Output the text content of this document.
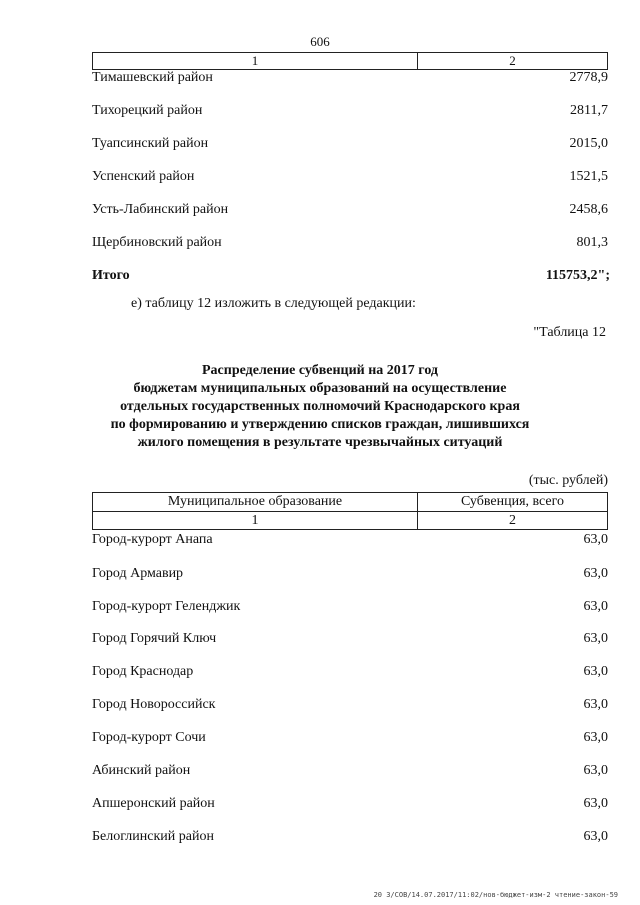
606
1	2
Тимашевский район	2778,9
Тихорецкий район	2811,7
Туапсинский район	2015,0
Успенский район	1521,5
Усть-Лабинский район	2458,6
Щербиновский район	801,3
Итого	115753,2";
е) таблицу 12 изложить в следующей редакции:
"Таблица 12
Распределение субвенций на 2017 год
бюджетам муниципальных образований на осуществление
отдельных государственных полномочий Краснодарского края
по формированию и утверждению списков граждан, лишившихся
жилого помещения в результате чрезвычайных ситуаций
(тыс. рублей)
Муниципальное образование	Субвенция, всего
1	2
Город-курорт Анапа	63,0
Город Армавир	63,0
Город-курорт Геленджик	63,0
Город Горячий Ключ	63,0
Город Краснодар	63,0
Город Новороссийск	63,0
Город-курорт Сочи	63,0
Абинский район	63,0
Апшеронский район	63,0
Белоглинский район	63,0
20 3/СОВ/14.07.2017/11:02/нов-бюджет-изм-2 чтение-закон-59
